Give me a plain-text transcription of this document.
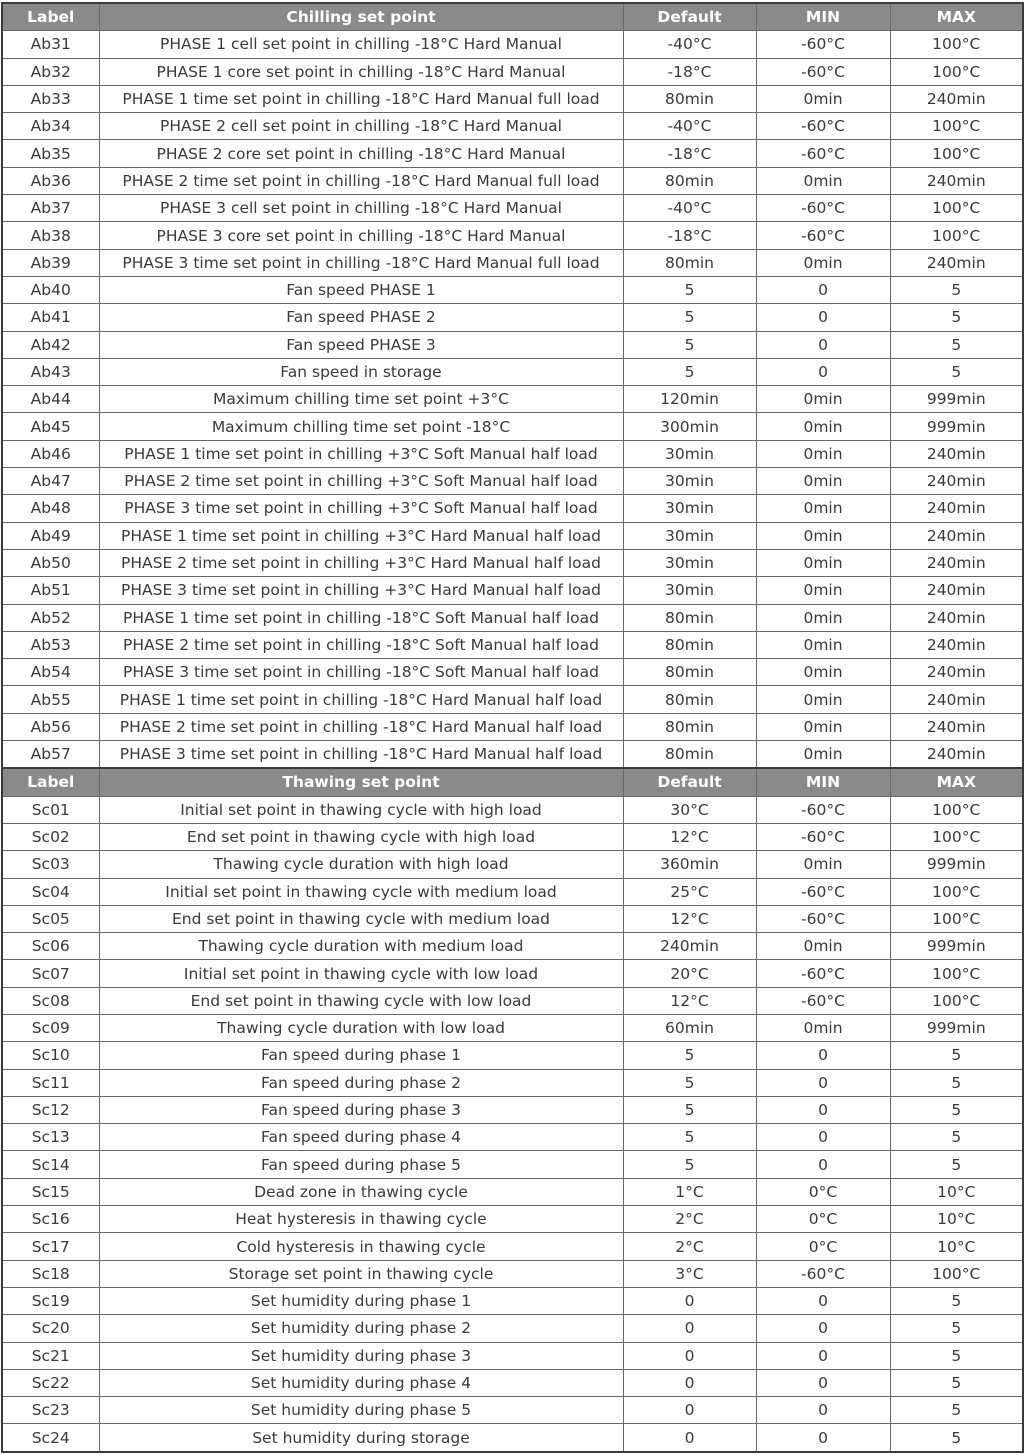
Label	Chilling set point	Default	MIN	MAX
Ab31	PHASE 1 cell set point in chilling -18°C Hard Manual	-40°C	-60°C	100°C
Ab32	PHASE 1 core set point in chilling -18°C Hard Manual	-18°C	-60°C	100°C
Ab33	PHASE 1 time set point in chilling -18°C Hard Manual full load	80min	0min	240min
Ab34	PHASE 2 cell set point in chilling -18°C Hard Manual	-40°C	-60°C	100°C
Ab35	PHASE 2 core set point in chilling -18°C Hard Manual	-18°C	-60°C	100°C
Ab36	PHASE 2 time set point in chilling -18°C Hard Manual full load	80min	0min	240min
Ab37	PHASE 3 cell set point in chilling -18°C Hard Manual	-40°C	-60°C	100°C
Ab38	PHASE 3 core set point in chilling -18°C Hard Manual	-18°C	-60°C	100°C
Ab39	PHASE 3 time set point in chilling -18°C Hard Manual full load	80min	0min	240min
Ab40	Fan speed PHASE 1	5	0	5
Ab41	Fan speed PHASE 2	5	0	5
Ab42	Fan speed PHASE 3	5	0	5
Ab43	Fan speed in storage	5	0	5
Ab44	Maximum chilling time set point +3°C	120min	0min	999min
Ab45	Maximum chilling time set point -18°C	300min	0min	999min
Ab46	PHASE 1 time set point in chilling +3°C Soft Manual half load	30min	0min	240min
Ab47	PHASE 2 time set point in chilling +3°C Soft Manual half load	30min	0min	240min
Ab48	PHASE 3 time set point in chilling +3°C Soft Manual half load	30min	0min	240min
Ab49	PHASE 1 time set point in chilling +3°C Hard Manual half load	30min	0min	240min
Ab50	PHASE 2 time set point in chilling +3°C Hard Manual half load	30min	0min	240min
Ab51	PHASE 3 time set point in chilling +3°C Hard Manual half load	30min	0min	240min
Ab52	PHASE 1 time set point in chilling -18°C Soft Manual half load	80min	0min	240min
Ab53	PHASE 2 time set point in chilling -18°C Soft Manual half load	80min	0min	240min
Ab54	PHASE 3 time set point in chilling -18°C Soft Manual half load	80min	0min	240min
Ab55	PHASE 1 time set point in chilling -18°C Hard Manual half load	80min	0min	240min
Ab56	PHASE 2 time set point in chilling -18°C Hard Manual half load	80min	0min	240min
Ab57	PHASE 3 time set point in chilling -18°C Hard Manual half load	80min	0min	240min
Label	Thawing set point	Default	MIN	MAX
Sc01	Initial set point in thawing cycle with high load	30°C	-60°C	100°C
Sc02	End set point in thawing cycle with high load	12°C	-60°C	100°C
Sc03	Thawing cycle duration with high load	360min	0min	999min
Sc04	Initial set point in thawing cycle with medium load	25°C	-60°C	100°C
Sc05	End set point in thawing cycle with medium load	12°C	-60°C	100°C
Sc06	Thawing cycle duration with medium load	240min	0min	999min
Sc07	Initial set point in thawing cycle with low load	20°C	-60°C	100°C
Sc08	End set point in thawing cycle with low load	12°C	-60°C	100°C
Sc09	Thawing cycle duration with low load	60min	0min	999min
Sc10	Fan speed during phase 1	5	0	5
Sc11	Fan speed during phase 2	5	0	5
Sc12	Fan speed during phase 3	5	0	5
Sc13	Fan speed during phase 4	5	0	5
Sc14	Fan speed during phase 5	5	0	5
Sc15	Dead zone in thawing cycle	1°C	0°C	10°C
Sc16	Heat hysteresis in thawing cycle	2°C	0°C	10°C
Sc17	Cold hysteresis in thawing cycle	2°C	0°C	10°C
Sc18	Storage set point in thawing cycle	3°C	-60°C	100°C
Sc19	Set humidity during phase 1	0	0	5
Sc20	Set humidity during phase 2	0	0	5
Sc21	Set humidity during phase 3	0	0	5
Sc22	Set humidity during phase 4	0	0	5
Sc23	Set humidity during phase 5	0	0	5
Sc24	Set humidity during storage	0	0	5
